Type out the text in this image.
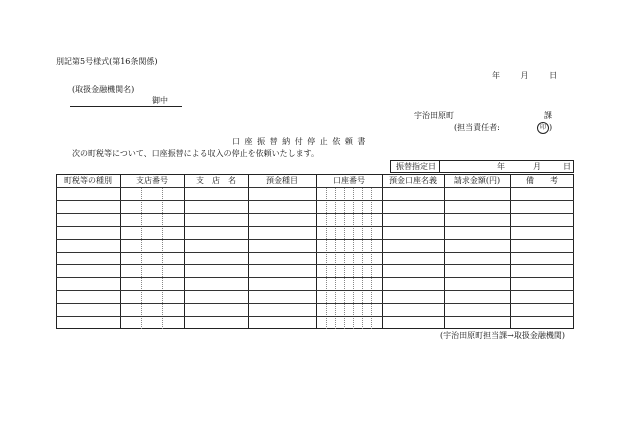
別記第5号様式(第16条関係)
年	月	日
(取扱金融機関名)
御中
宇治田原町	課
(担当責任者:	印 )
口 座 振 替 納 付 停 止 依 頼 書
次の町税等について、口座振替による収入の停止を依頼いたします。
振替指定日	年	月	日
町税等の種別	支店番号	支　店　名	預金種目	口座番号	預金口座名義	請求金額(円)	備　　考
(宇治田原町担当課→取扱金融機関)
